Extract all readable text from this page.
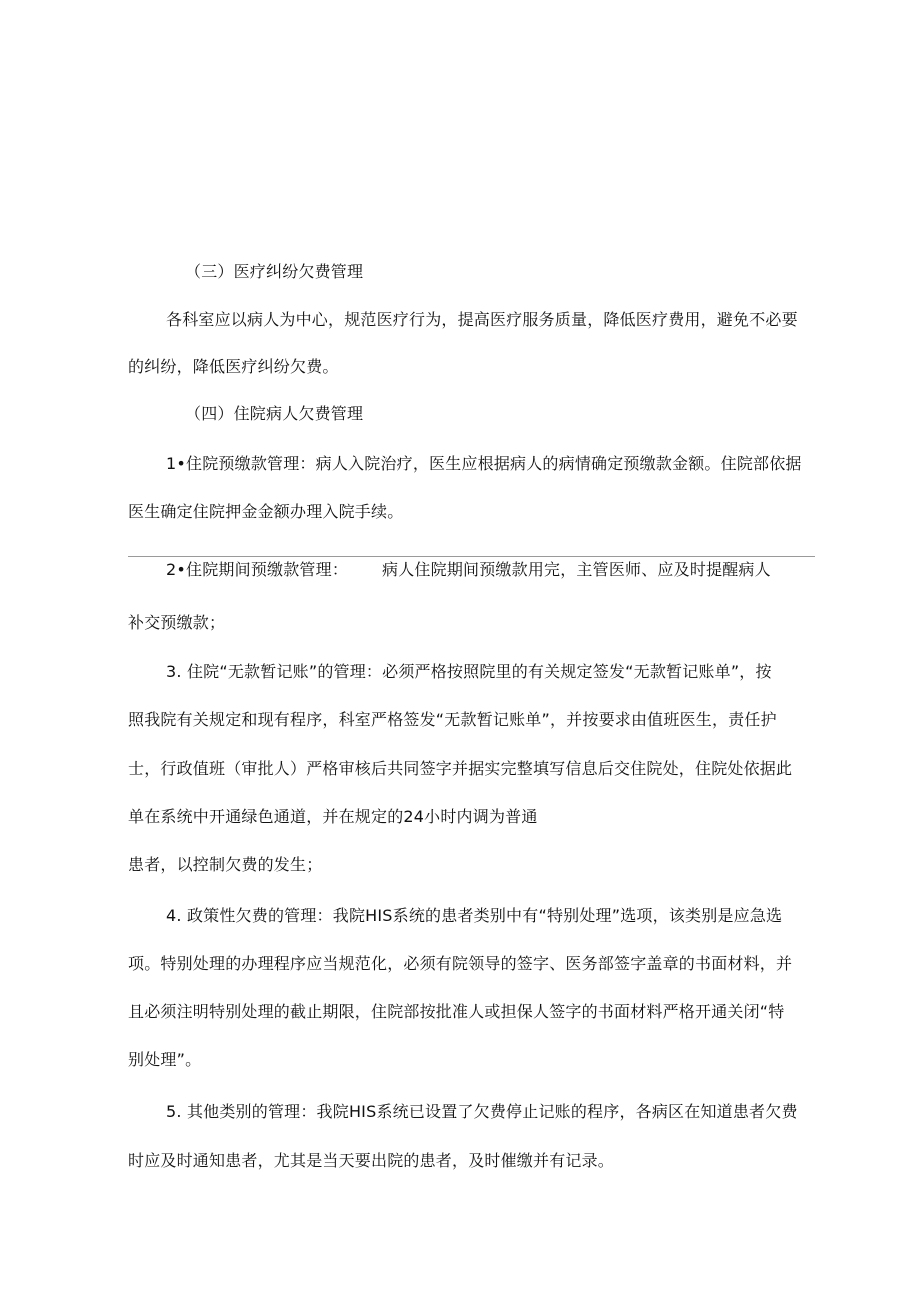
（三）医疗纠纷欠费管理
各科室应以病人为中心，规范医疗行为，提高医疗服务质量，降低医疗费用，避免不必要
的纠纷，降低医疗纠纷欠费。
（四）住院病人欠费管理
1•住院预缴款管理：病人入院治疗，医生应根据病人的病情确定预缴款金额。住院部依据
医生确定住院押金金额办理入院手续。
2•住院期间预缴款管理： 病人住院期间预缴款用完，主管医师、应及时提醒病人
补交预缴款；
3. 住院“无款暂记账”的管理：必须严格按照院里的有关规定签发“无款暂记账单”，按
照我院有关规定和现有程序，科室严格签发“无款暂记账单”，并按要求由值班医生，责任护
士，行政值班（审批人）严格审核后共同签字并据实完整填写信息后交住院处，住院处依据此
单在系统中开通绿色通道，并在规定的24小时内调为普通
患者，以控制欠费的发生；
4. 政策性欠费的管理：我院HIS系统的患者类别中有“特别处理”选项，该类别是应急选
项。特别处理的办理程序应当规范化，必须有院领导的签字、医务部签字盖章的书面材料，并
且必须注明特别处理的截止期限，住院部按批准人或担保人签字的书面材料严格开通关闭“特
别处理”。
5. 其他类别的管理：我院HIS系统已设置了欠费停止记账的程序，各病区在知道患者欠费
时应及时通知患者，尤其是当天要出院的患者，及时催缴并有记录。
